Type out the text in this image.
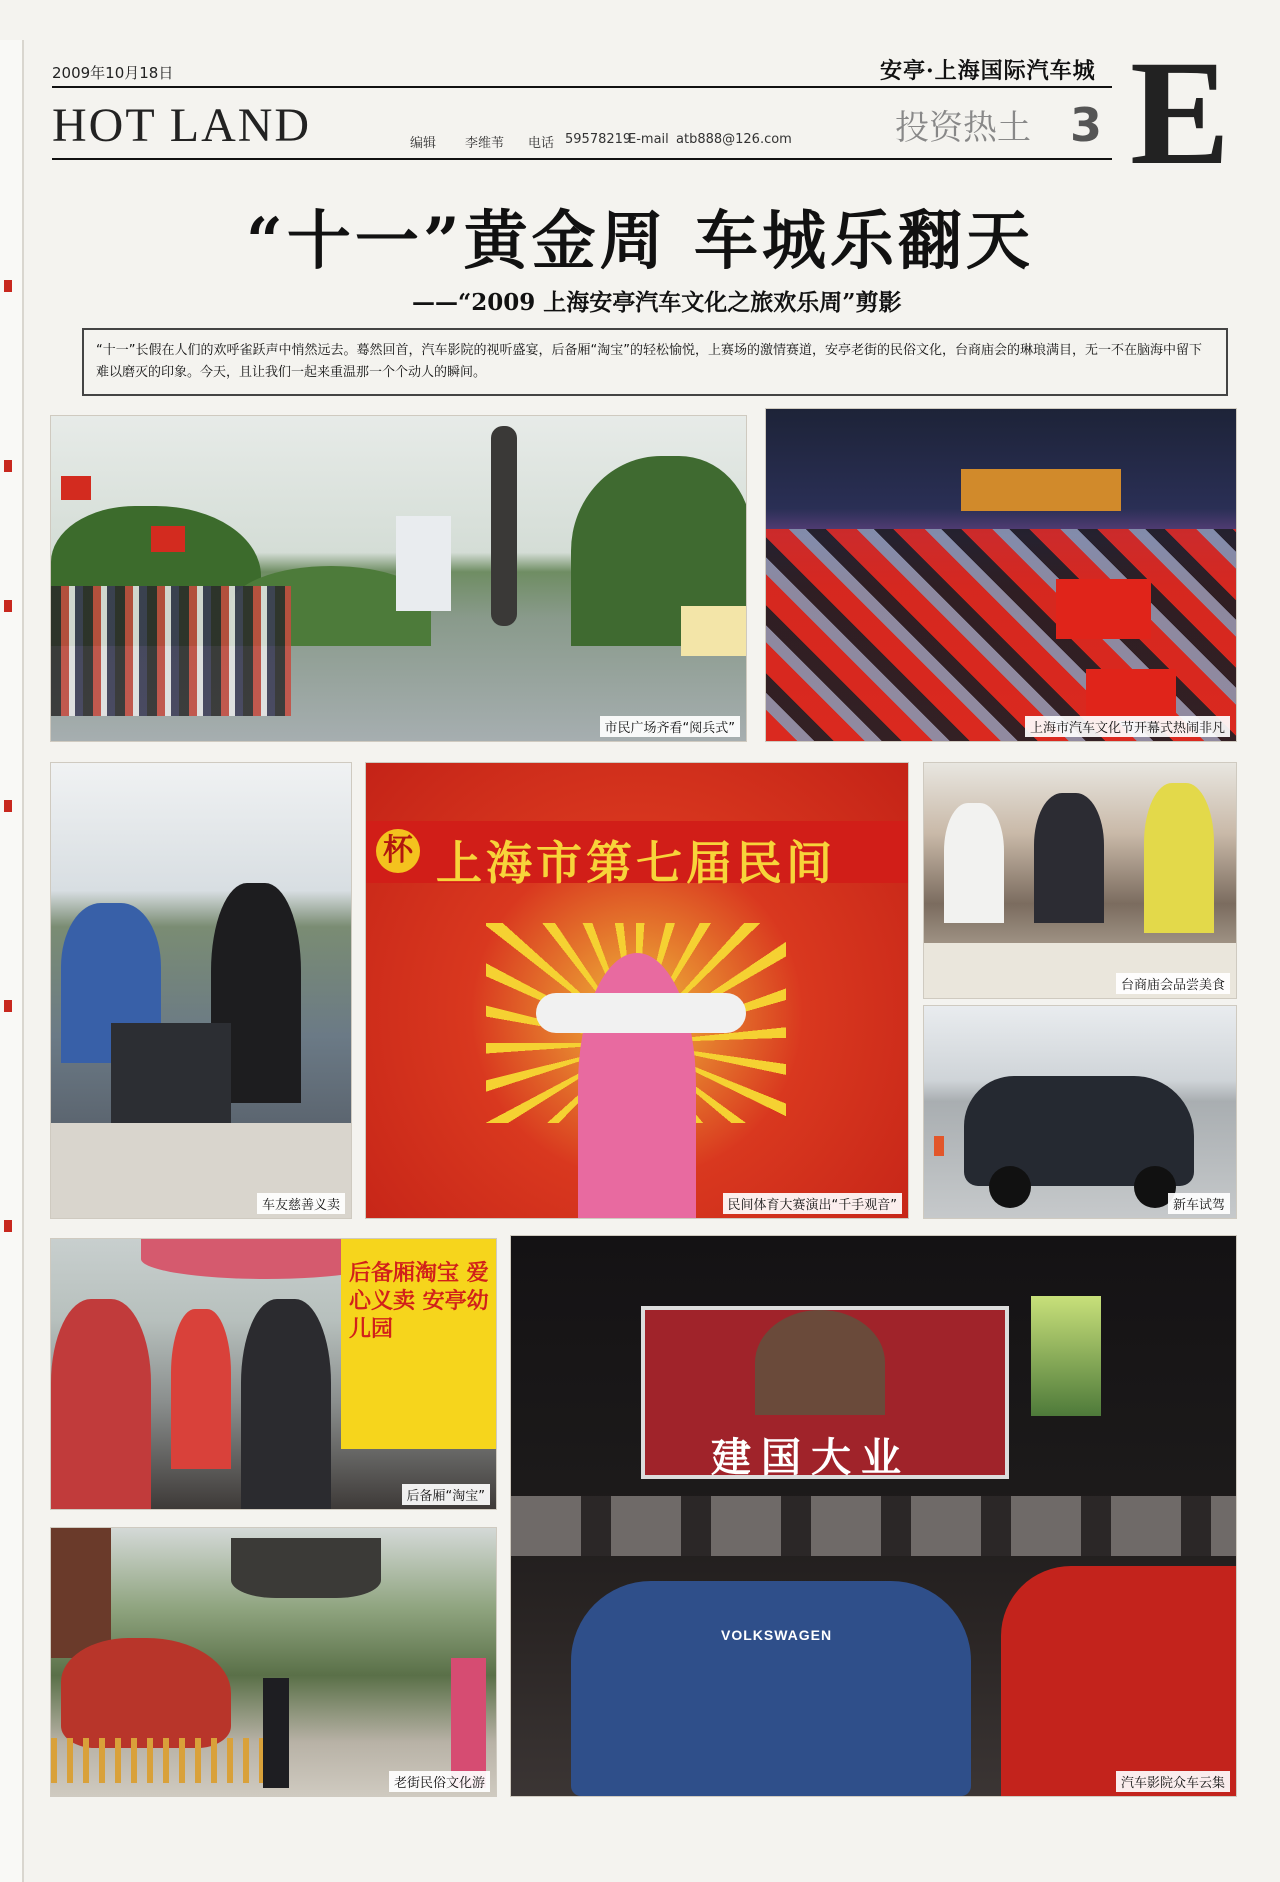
2009年10月18日	安亭·上海国际汽车城
HOT LAND	编辑 李维苇 电话 59578219
E-mail atb888@126.com	投资热土 3 E
“十一”黄金周 车城乐翻天
——“2009 上海安亭汽车文化之旅欢乐周”剪影
“十一”长假在人们的欢呼雀跃声中悄然远去。蓦然回首，汽车影院的视听盛宴，后备厢“淘宝”的轻松愉悦，上赛场的激情赛道，安亭老街的民俗文化，台商庙会的琳琅满目，无一不在脑海中留下难以磨灭的印象。今天，且让我们一起来重温那一个个动人的瞬间。
市民广场齐看“阅兵式”	上海市汽车文化节开幕式热闹非凡
车友慈善义卖
杯 上海市第七届民间
民间体育大赛演出“千手观音”
台商庙会品尝美食
新车试驾
后备厢淘宝 爱心义卖 安亭幼儿园
后备厢“淘宝”
老街民俗文化游
建国大业
VOLKSWAGEN
汽车影院众车云集
